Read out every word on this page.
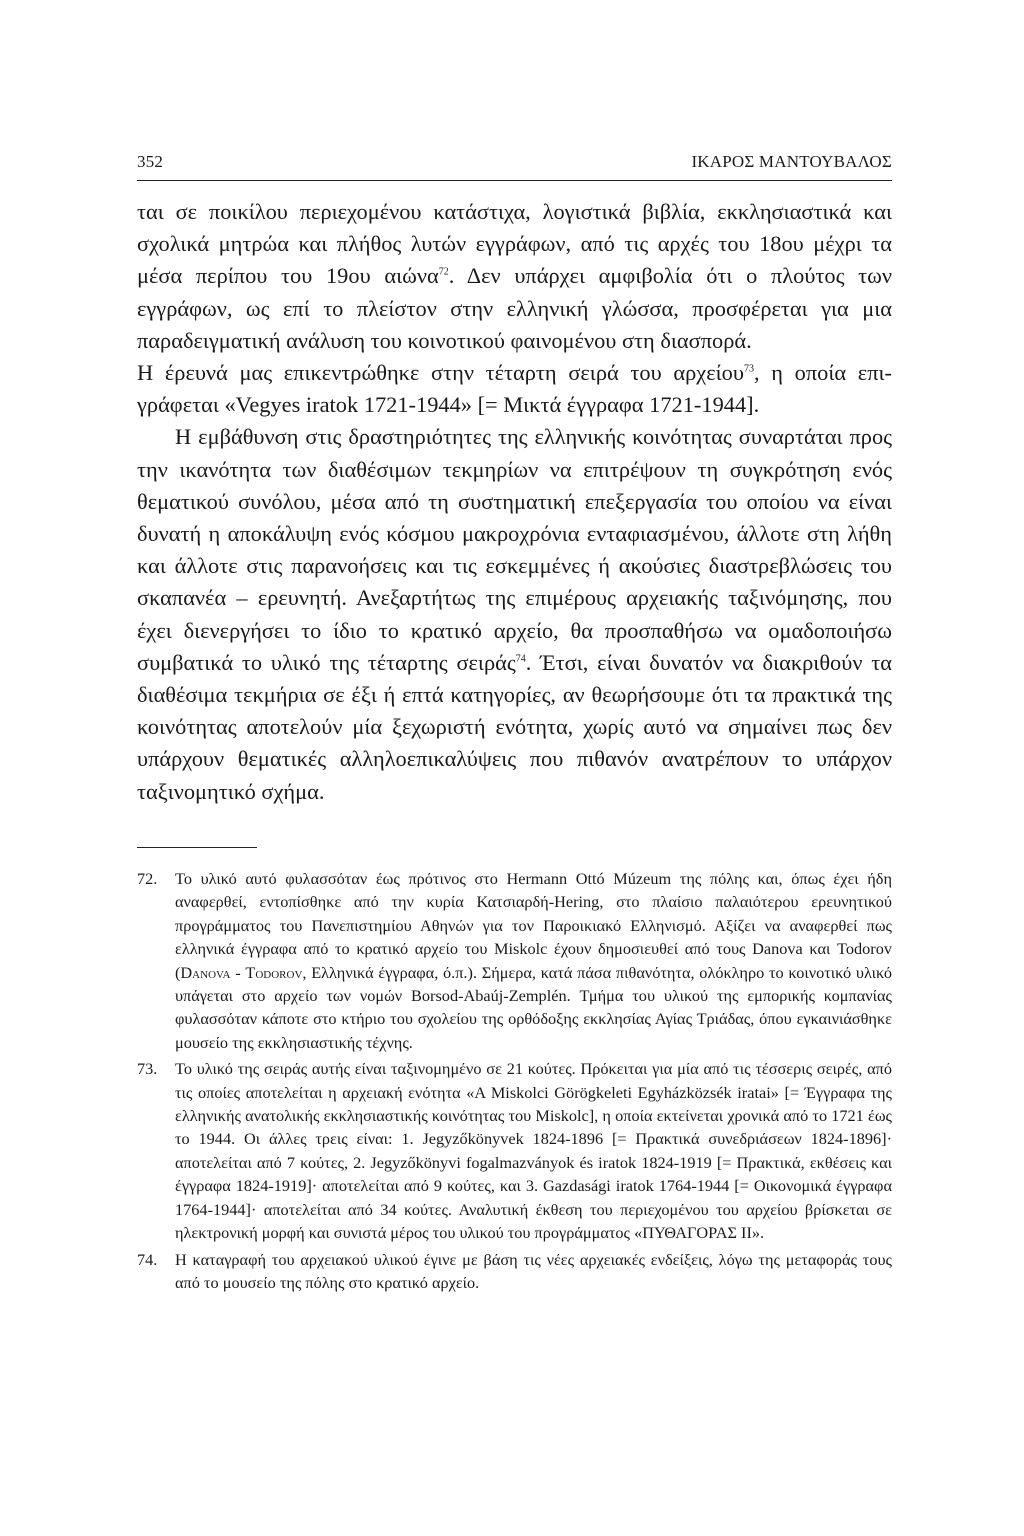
352	ΙΚΑΡΟΣ ΜΑΝΤΟΥΒΑΛΟΣ

ται σε ποικίλου περιεχομένου κατάστιχα, λογιστικά βιβλία, εκκλησιαστικά και σχολικά μητρώα και πλήθος λυτών εγγράφων, από τις αρχές του 18ου μέχρι τα μέσα περίπου του 19ου αιώνα$^{72}$. Δεν υπάρχει αμφιβολία ότι ο πλούτος των εγγράφων, ως επί το πλείστον στην ελληνική γλώσσα, προσφέρεται για μια παραδειγματική ανάλυση του κοινοτικού φαινομένου στη διασπορά.

Η έρευνά μας επικεντρώθηκε στην τέταρτη σειρά του αρχείου$^{73}$, η οποία επιγράφεται «Vegyes iratok 1721-1944» [= Μικτά έγγραφα 1721-1944].

Η εμβάθυνση στις δραστηριότητες της ελληνικής κοινότητας συναρτάται προς την ικανότητα των διαθέσιμων τεκμηρίων να επιτρέψουν τη συγκρότηση ενός θεματικού συνόλου, μέσα από τη συστηματική επεξεργασία του οποίου να είναι δυνατή η αποκάλυψη ενός κόσμου μακροχρόνια ενταφιασμένου, άλλοτε στη λήθη και άλλοτε στις παρανοήσεις και τις εσκεμμένες ή ακούσιες διαστρεβλώσεις του σκαπανέα – ερευνητή. Ανεξαρτήτως της επιμέρους αρχειακής ταξινόμησης, που έχει διενεργήσει το ίδιο το κρατικό αρχείο, θα προσπαθήσω να ομαδοποιήσω συμβατικά το υλικό της τέταρτης σειράς$^{74}$. Έτσι, είναι δυνατόν να διακριθούν τα διαθέσιμα τεκμήρια σε έξι ή επτά κατηγορίες, αν θεωρήσουμε ότι τα πρακτικά της κοινότητας αποτελούν μία ξεχωριστή ενότητα, χωρίς αυτό να σημαίνει πως δεν υπάρχουν θεματικές αλληλοεπικαλύψεις που πιθανόν ανατρέπουν το υπάρχον ταξινομητικό σχήμα.

72.	Το υλικό αυτό φυλασσόταν έως πρότινος στο Hermann Ottó Múzeum της πόλης και, όπως έχει ήδη αναφερθεί, εντοπίσθηκε από την κυρία Κατσιαρδή-Hering, στο πλαίσιο παλαιότερου ερευνητικού προγράμματος του Πανεπιστημίου Αθηνών για τον Παροικιακό Ελληνισμό. Αξίζει να αναφερθεί πως ελληνικά έγγραφα από το κρατικό αρχείο του Miskolc έχουν δημοσιευθεί από τους Danova και Todorov (Danova - Todorov, Ελληνικά έγγραφα, ό.π.). Σήμερα, κατά πάσα πιθανότητα, ολόκληρο το κοινοτικό υλικό υπάγεται στο αρχείο των νομών Borsod-Abaúj-Zemplén. Τμήμα του υλικού της εμπορικής κομπανίας φυλασσόταν κάποτε στο κτήριο του σχολείου της ορθόδοξης εκκλησίας Αγίας Τριάδας, όπου εγκαινιάσθηκε μουσείο της εκκλησιαστικής τέχνης.
73.	Το υλικό της σειράς αυτής είναι ταξινομημένο σε 21 κούτες. Πρόκειται για μία από τις τέσσερις σειρές, από τις οποίες αποτελείται η αρχειακή ενότητα «A Miskolci Görögkeleti Egyházközsék iratai» [= Έγγραφα της ελληνικής ανατολικής εκκλησιαστικής κοινότητας του Miskolc], η οποία εκτείνεται χρονικά από το 1721 έως το 1944. Οι άλλες τρεις είναι: 1. Jegyzőkönyvek 1824-1896 [= Πρακτικά συνεδριάσεων 1824-1896]· αποτελείται από 7 κούτες, 2. Jegyzőkönyvi fogalmazványok és iratok 1824-1919 [= Πρακτικά, εκθέσεις και έγγραφα 1824-1919]· αποτελείται από 9 κούτες, και 3. Gazdasági iratok 1764-1944 [= Οικονομικά έγγραφα 1764-1944]· αποτελείται από 34 κούτες. Αναλυτική έκθεση του περιεχομένου του αρχείου βρίσκεται σε ηλεκτρονική μορφή και συνιστά μέρος του υλικού του προγράμματος «ΠΥΘΑΓΟΡΑΣ ΙΙ».
74.	Η καταγραφή του αρχειακού υλικού έγινε με βάση τις νέες αρχειακές ενδείξεις, λόγω της μεταφοράς τους από το μουσείο της πόλης στο κρατικό αρχείο.
